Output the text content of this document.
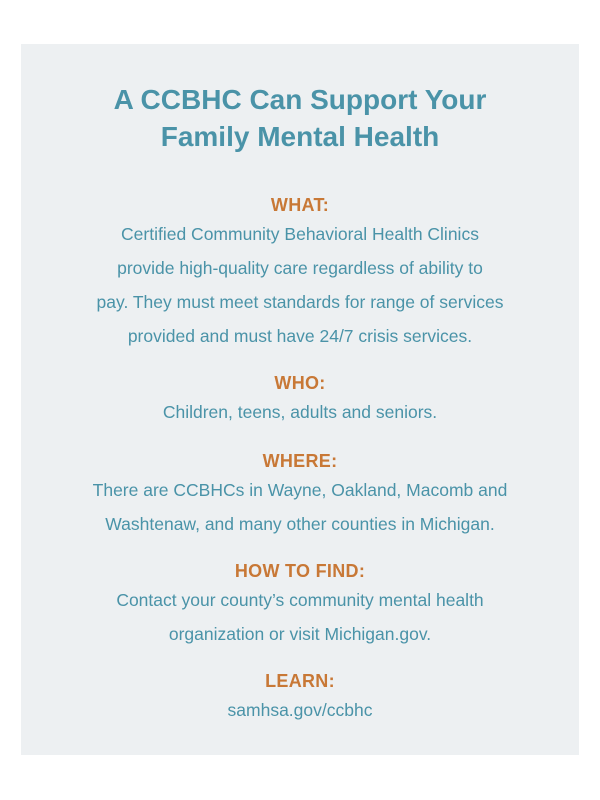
A CCBHC Can Support Your
Family Mental Health
WHAT:
Certified Community Behavioral Health Clinics
provide high-quality care regardless of ability to
pay. They must meet standards for range of services
provided and must have 24/7 crisis services.
WHO:
Children, teens, adults and seniors.
WHERE:
There are CCBHCs in Wayne, Oakland, Macomb and
Washtenaw, and many other counties in Michigan.
HOW TO FIND:
Contact your county’s community mental health
organization or visit Michigan.gov.
LEARN:
samhsa.gov/ccbhc
